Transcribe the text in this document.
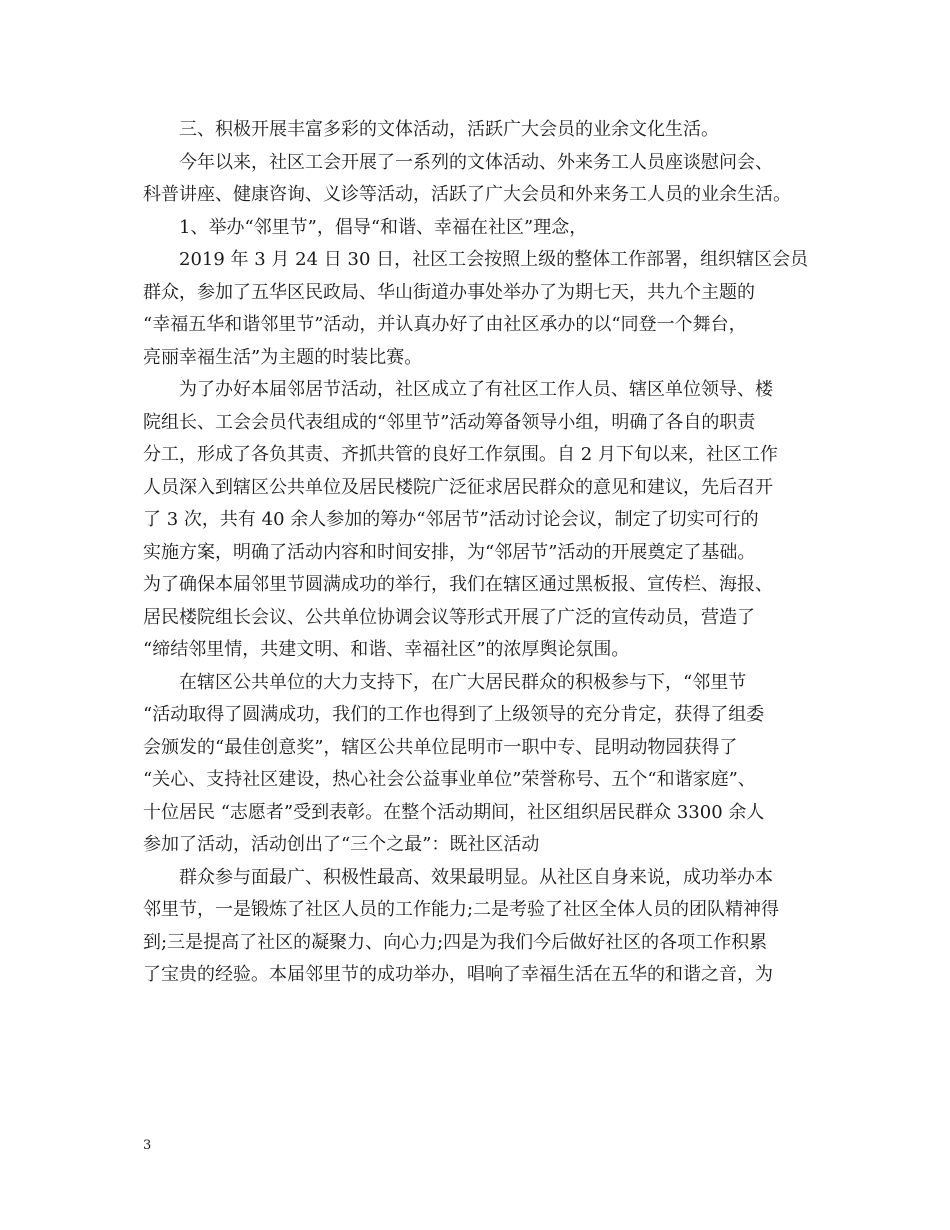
三、积极开展丰富多彩的文体活动，活跃广大会员的业余文化生活。
今年以来，社区工会开展了一系列的文体活动、外来务工人员座谈慰问会、
科普讲座、健康咨询、义诊等活动，活跃了广大会员和外来务工人员的业余生活。
1、举办“邻里节”，倡导“和谐、幸福在社区”理念，
2019 年 3 月 24 日 30 日，社区工会按照上级的整体工作部署，组织辖区会员
群众，参加了五华区民政局、华山街道办事处举办了为期七天，共九个主题的
“幸福五华和谐邻里节”活动，并认真办好了由社区承办的以“同登一个舞台，
亮丽幸福生活”为主题的时装比赛。
为了办好本届邻居节活动，社区成立了有社区工作人员、辖区单位领导、楼
院组长、工会会员代表组成的“邻里节”活动筹备领导小组，明确了各自的职责
分工，形成了各负其责、齐抓共管的良好工作氛围。自 2 月下旬以来，社区工作
人员深入到辖区公共单位及居民楼院广泛征求居民群众的意见和建议，先后召开
了 3 次，共有 40 余人参加的筹办“邻居节”活动讨论会议，制定了切实可行的
实施方案，明确了活动内容和时间安排，为“邻居节”活动的开展奠定了基础。
为了确保本届邻里节圆满成功的举行，我们在辖区通过黑板报、宣传栏、海报、
居民楼院组长会议、公共单位协调会议等形式开展了广泛的宣传动员，营造了
“缔结邻里情，共建文明、和谐、幸福社区”的浓厚舆论氛围。
在辖区公共单位的大力支持下，在广大居民群众的积极参与下，“邻里节
“活动取得了圆满成功，我们的工作也得到了上级领导的充分肯定，获得了组委
会颁发的“最佳创意奖”，辖区公共单位昆明市一职中专、昆明动物园获得了
“关心、支持社区建设，热心社会公益事业单位”荣誉称号、五个“和谐家庭”、
十位居民 “志愿者”受到表彰。在整个活动期间，社区组织居民群众 3300 余人
参加了活动，活动创出了“三个之最”：既社区活动
群众参与面最广、积极性最高、效果最明显。从社区自身来说，成功举办本
邻里节，一是锻炼了社区人员的工作能力;二是考验了社区全体人员的团队精神得
到;三是提高了社区的凝聚力、向心力;四是为我们今后做好社区的各项工作积累
了宝贵的经验。本届邻里节的成功举办，唱响了幸福生活在五华的和谐之音，为
3
